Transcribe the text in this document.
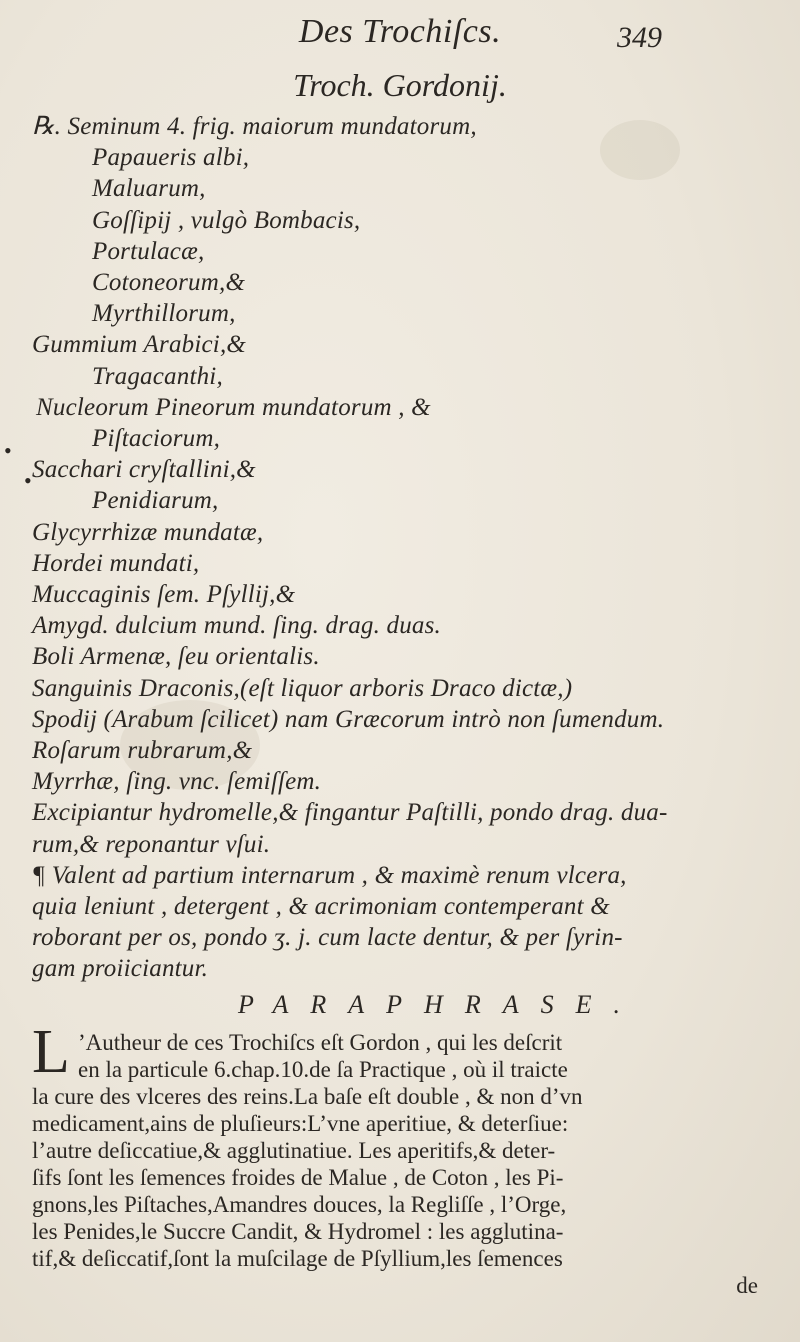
Des Trochiſcs.	349
Troch. Gordonij.
℞. Seminum 4. frig. maiorum mundatorum,
Papaueris albi,
Maluarum,
Goſſipij , vulgò Bombacis,
Portulacæ,
Cotoneorum,&
Myrthillorum,
Gummium Arabici,&
Tragacanthi,
Nucleorum Pineorum mundatorum , &
Piſtaciorum,
Sacchari cryſtallini,&
Penidiarum,
Glycyrrhizæ mundatæ,
Hordei mundati,
Muccaginis ſem. Pſyllij,&
Amygd. dulcium mund. ſing. drag. duas.
Boli Armenæ, ſeu orientalis.
Sanguinis Draconis,(eſt liquor arboris Draco dictæ,)
Spodij (Arabum ſcilicet) nam Græcorum intrò non ſumendum.
Roſarum rubrarum,&
Myrrhæ, ſing. vnc. ſemiſſem.
Excipiantur hydromelle,& fingantur Paſtilli, pondo drag. dua-
rum,& reponantur vſui.
¶ Valent ad partium internarum , & maximè renum vlcera,
quia leniunt , detergent , & acrimoniam contemperant &
roborant per os, pondo ʒ. j. cum lacte dentur, & per ſyrin-
gam proiiciantur.
•
•
PARAPHRASE.
L ’Autheur de ces Trochiſcs eſt Gordon , qui les deſcrit
en la particule 6.chap.10.de ſa Practique , où il traicte
la cure des vlceres des reins.La baſe eſt double , & non d’vn
medicament,ains de pluſieurs:L’vne aperitiue, & deterſiue:
l’autre deſiccatiue,& agglutinatiue. Les aperitifs,& deter-
ſifs ſont les ſemences froides de Malue , de Coton , les Pi-
gnons,les Piſtaches,Amandres douces, la Regliſſe , l’Orge,
les Penides,le Succre Candit, & Hydromel : les agglutina-
tif,& deſiccatif,ſont la muſcilage de Pſyllium,les ſemences
de
